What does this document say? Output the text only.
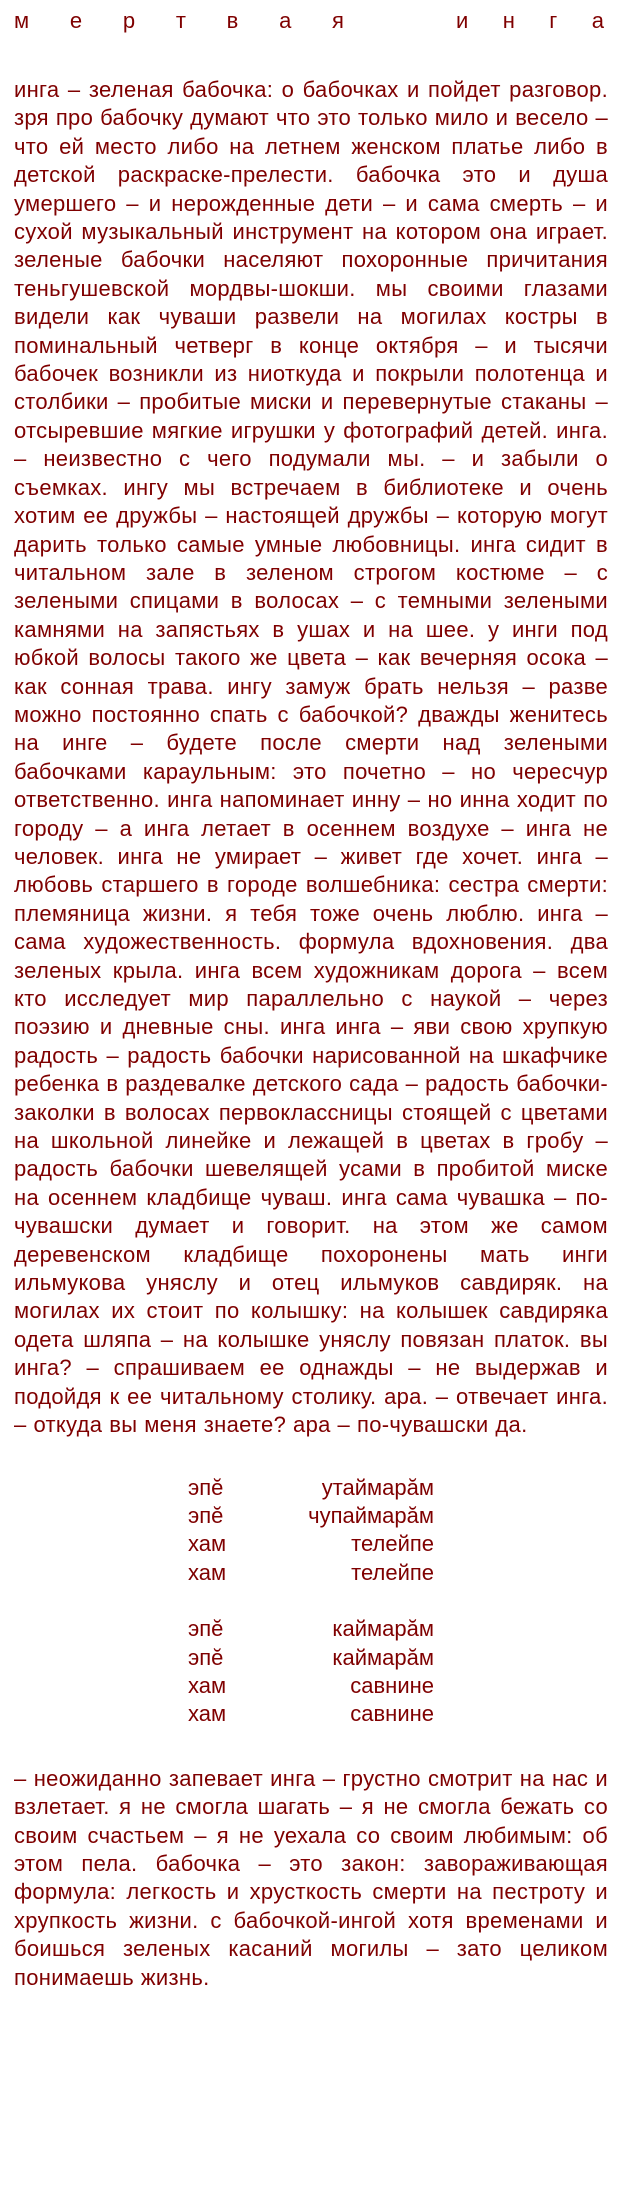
м е р т в а я	и н г а

инга – зеленая бабочка: о бабочках и пойдет разговор. зря про бабочку думают что это только мило и весело – что ей место либо на летнем женском платье либо в детской раскраске-прелести. бабочка это и душа умершего – и нерожденные дети – и сама смерть – и сухой музыкальный инструмент на котором она играет. зеленые бабочки населяют похоронные причитания теньгушевской мордвы-шокши. мы своими глазами видели как чуваши развели на могилах костры в поминальный четверг в конце октября – и тысячи бабочек возникли из ниоткуда и покрыли полотенца и столбики – пробитые миски и перевернутые стаканы – отсыревшие мягкие игрушки у фотографий детей. инга. – неизвестно с чего подумали мы. – и забыли о съемках. ингу мы встречаем в библиотеке и очень хотим ее дружбы – настоящей дружбы – которую могут дарить только самые умные любовницы. инга сидит в читальном зале в зеленом строгом костюме – с зелеными спицами в волосах – с темными зелеными камнями на запястьях в ушах и на шее. у инги под юбкой волосы такого же цвета – как вечерняя осока – как сонная трава. ингу замуж брать нельзя – разве можно постоянно спать с бабочкой? дважды женитесь на инге – будете после смерти над зелеными бабочками караульным: это почетно – но чересчур ответственно. инга напоминает инну – но инна ходит по городу – а инга летает в осеннем воздухе – инга не человек. инга не умирает – живет где хочет. инга – любовь старшего в городе волшебника: сестра смерти: племяница жизни. я тебя тоже очень люблю. инга – сама художественность. формула вдохновения. два зеленых крыла. инга всем художникам дорога – всем кто исследует мир параллельно с наукой – через поэзию и дневные сны. инга инга – яви свою хрупкую радость – радость бабочки нарисованной на шкафчике ребенка в раздевалке детского сада – радость бабочки-заколки в волосах первоклассницы стоящей с цветами на школьной линейке и лежащей в цветах в гробу – радость бабочки шевелящей усами в пробитой миске на осеннем кладбище чуваш. инга сама чувашка – по-чувашски думает и говорит. на этом же самом деревенском кладбище похоронены мать инги ильмукова уняслу и отец ильмуков савдиряк. на могилах их стоит по колышку: на колышек савдиряка одета шляпа – на колышке уняслу повязан платок. вы инга? – спрашиваем ее однажды – не выдержав и подойдя к ее читальному столику. ара. – отвечает инга. – откуда вы меня знаете? ара – по-чувашски да.

эпĕ	утаймарăм
эпĕ	чупаймарăм
хам	телейпе
хам	телейпе
эпĕ	каймарăм
эпĕ	каймарăм
хам	савнине
хам	савнине

– неожиданно запевает инга – грустно смотрит на нас и взлетает. я не смогла шагать – я не смогла бежать со своим счастьем – я не уехала со своим любимым: об этом пела. бабочка – это закон: завораживающая формула: легкость и хрусткость смерти на пестроту и хрупкость жизни. с бабочкой-ингой хотя временами и боишься зеленых касаний могилы – зато целиком понимаешь жизнь.
